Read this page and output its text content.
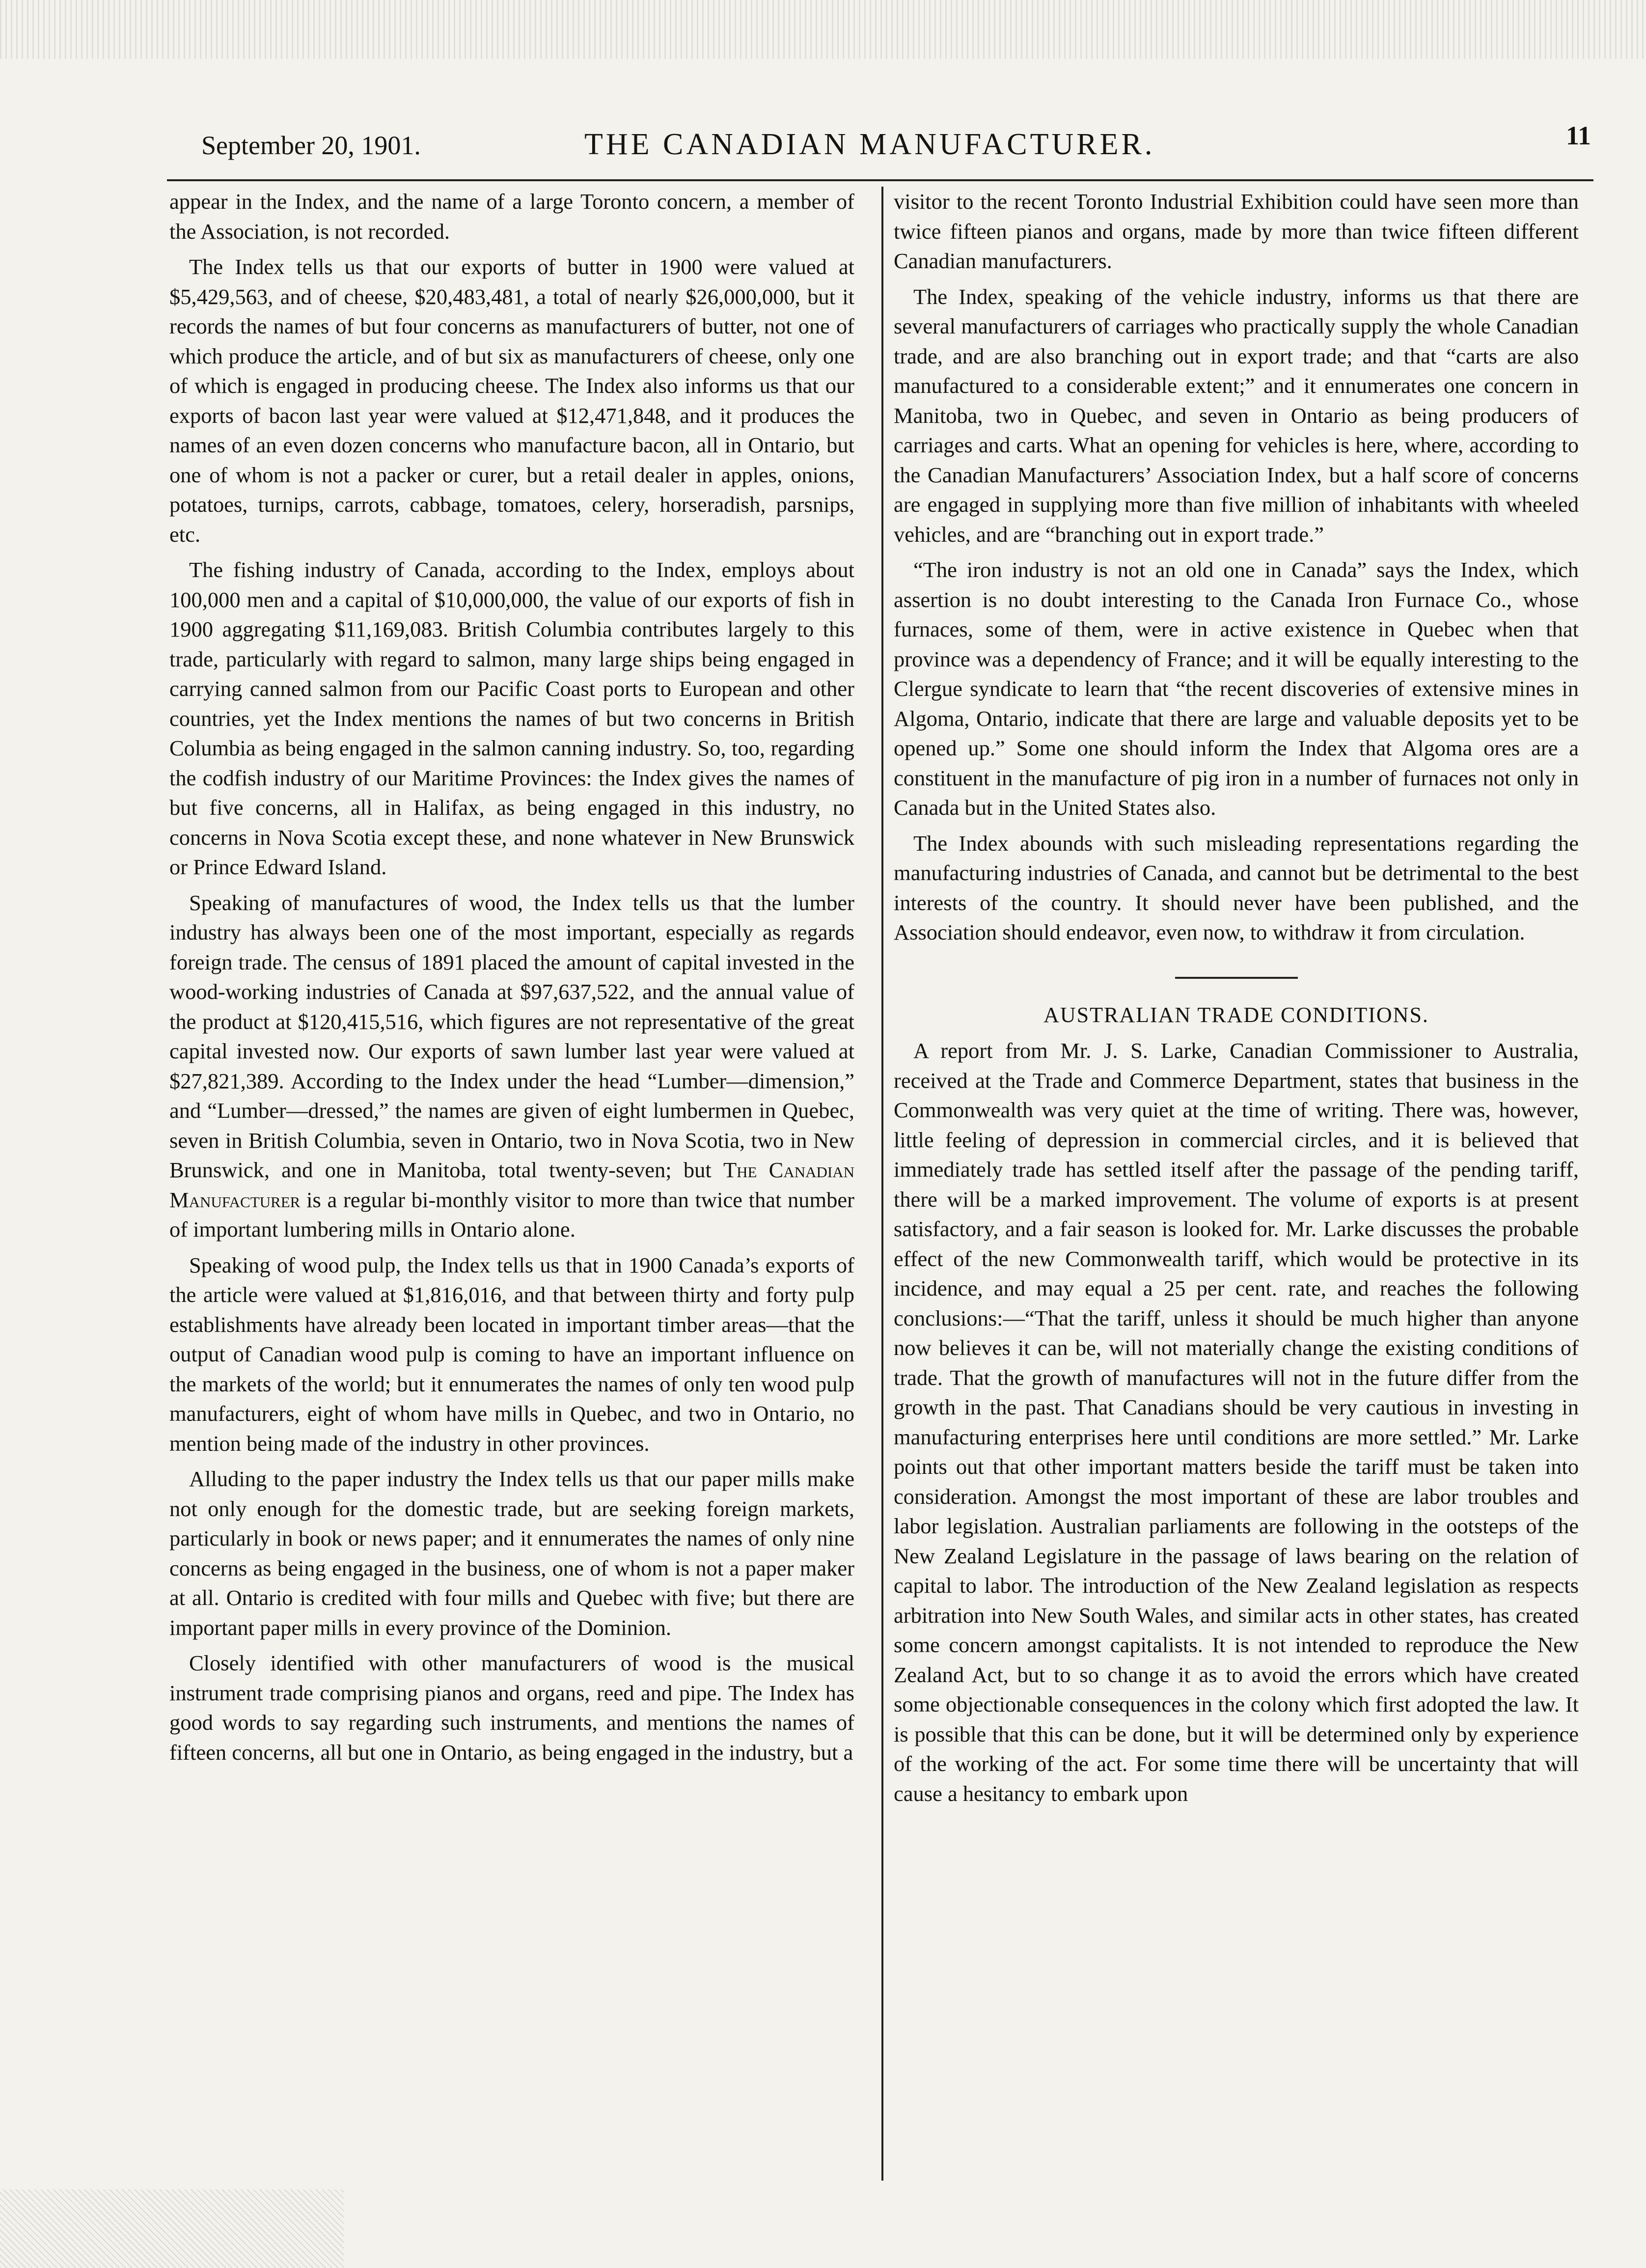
September 20, 1901.	THE CANADIAN MANUFACTURER.	11

appear in the Index, and the name of a large Toronto concern, a member of the Association, is not recorded.

The Index tells us that our exports of butter in 1900 were valued at $5,429,563, and of cheese, $20,483,481, a total of nearly $26,000,000, but it records the names of but four concerns as manufacturers of butter, not one of which produce the article, and of but six as manufacturers of cheese, only one of which is engaged in producing cheese. The Index also informs us that our exports of bacon last year were valued at $12,471,848, and it produces the names of an even dozen concerns who manufacture bacon, all in Ontario, but one of whom is not a packer or curer, but a retail dealer in apples, onions, potatoes, turnips, carrots, cabbage, tomatoes, celery, horseradish, parsnips, etc.

The fishing industry of Canada, according to the Index, employs about 100,000 men and a capital of $10,000,000, the value of our exports of fish in 1900 aggregating $11,169,083. British Columbia contributes largely to this trade, particularly with regard to salmon, many large ships being engaged in carrying canned salmon from our Pacific Coast ports to European and other countries, yet the Index mentions the names of but two concerns in British Columbia as being engaged in the salmon canning industry. So, too, regarding the codfish industry of our Maritime Provinces: the Index gives the names of but five concerns, all in Halifax, as being engaged in this industry, no concerns in Nova Scotia except these, and none whatever in New Brunswick or Prince Edward Island.

Speaking of manufactures of wood, the Index tells us that the lumber industry has always been one of the most important, especially as regards foreign trade. The census of 1891 placed the amount of capital invested in the wood-working industries of Canada at $97,637,522, and the annual value of the product at $120,415,516, which figures are not representative of the great capital invested now. Our exports of sawn lumber last year were valued at $27,821,389. According to the Index under the head “Lumber—dimension,” and “Lumber—dressed,” the names are given of eight lumbermen in Quebec, seven in British Columbia, seven in Ontario, two in Nova Scotia, two in New Brunswick, and one in Manitoba, total twenty-seven; but The Canadian Manufacturer is a regular bi-monthly visitor to more than twice that number of important lumbering mills in Ontario alone.

Speaking of wood pulp, the Index tells us that in 1900 Canada’s exports of the article were valued at $1,816,016, and that between thirty and forty pulp establishments have already been located in important timber areas—that the output of Canadian wood pulp is coming to have an important influence on the markets of the world; but it ennumerates the names of only ten wood pulp manufacturers, eight of whom have mills in Quebec, and two in Ontario, no mention being made of the industry in other provinces.

Alluding to the paper industry the Index tells us that our paper mills make not only enough for the domestic trade, but are seeking foreign markets, particularly in book or news paper; and it ennumerates the names of only nine concerns as being engaged in the business, one of whom is not a paper maker at all. Ontario is credited with four mills and Quebec with five; but there are important paper mills in every province of the Dominion.

Closely identified with other manufacturers of wood is the musical instrument trade comprising pianos and organs, reed and pipe. The Index has good words to say regarding such instruments, and mentions the names of fifteen concerns, all but one in Ontario, as being engaged in the industry, but a

visitor to the recent Toronto Industrial Exhibition could have seen more than twice fifteen pianos and organs, made by more than twice fifteen different Canadian manufacturers.

The Index, speaking of the vehicle industry, informs us that there are several manufacturers of carriages who practically supply the whole Canadian trade, and are also branching out in export trade; and that “carts are also manufactured to a considerable extent;” and it ennumerates one concern in Manitoba, two in Quebec, and seven in Ontario as being producers of carriages and carts. What an opening for vehicles is here, where, according to the Canadian Manufacturers’ Association Index, but a half score of concerns are engaged in supplying more than five million of inhabitants with wheeled vehicles, and are “branching out in export trade.”

“The iron industry is not an old one in Canada” says the Index, which assertion is no doubt interesting to the Canada Iron Furnace Co., whose furnaces, some of them, were in active existence in Quebec when that province was a dependency of France; and it will be equally interesting to the Clergue syndicate to learn that “the recent discoveries of extensive mines in Algoma, Ontario, indicate that there are large and valuable deposits yet to be opened up.” Some one should inform the Index that Algoma ores are a constituent in the manufacture of pig iron in a number of furnaces not only in Canada but in the United States also.

The Index abounds with such misleading representations regarding the manufacturing industries of Canada, and cannot but be detrimental to the best interests of the country. It should never have been published, and the Association should endeavor, even now, to withdraw it from circulation.

AUSTRALIAN TRADE CONDITIONS.

A report from Mr. J. S. Larke, Canadian Commissioner to Australia, received at the Trade and Commerce Department, states that business in the Commonwealth was very quiet at the time of writing. There was, however, little feeling of depression in commercial circles, and it is believed that immediately trade has settled itself after the passage of the pending tariff, there will be a marked improvement. The volume of exports is at present satisfactory, and a fair season is looked for. Mr. Larke discusses the probable effect of the new Commonwealth tariff, which would be protective in its incidence, and may equal a 25 per cent. rate, and reaches the following conclusions:—“That the tariff, unless it should be much higher than anyone now believes it can be, will not materially change the existing conditions of trade. That the growth of manufactures will not in the future differ from the growth in the past. That Canadians should be very cautious in investing in manufacturing enterprises here until conditions are more settled.” Mr. Larke points out that other important matters beside the tariff must be taken into consideration. Amongst the most important of these are labor troubles and labor legislation. Australian parliaments are following in the ootsteps of the New Zealand Legislature in the passage of laws bearing on the relation of capital to labor. The introduction of the New Zealand legislation as respects arbitration into New South Wales, and similar acts in other states, has created some concern amongst capitalists. It is not intended to reproduce the New Zealand Act, but to so change it as to avoid the errors which have created some objectionable consequences in the colony which first adopted the law. It is possible that this can be done, but it will be determined only by experience of the working of the act. For some time there will be uncertainty that will cause a hesitancy to embark upon
